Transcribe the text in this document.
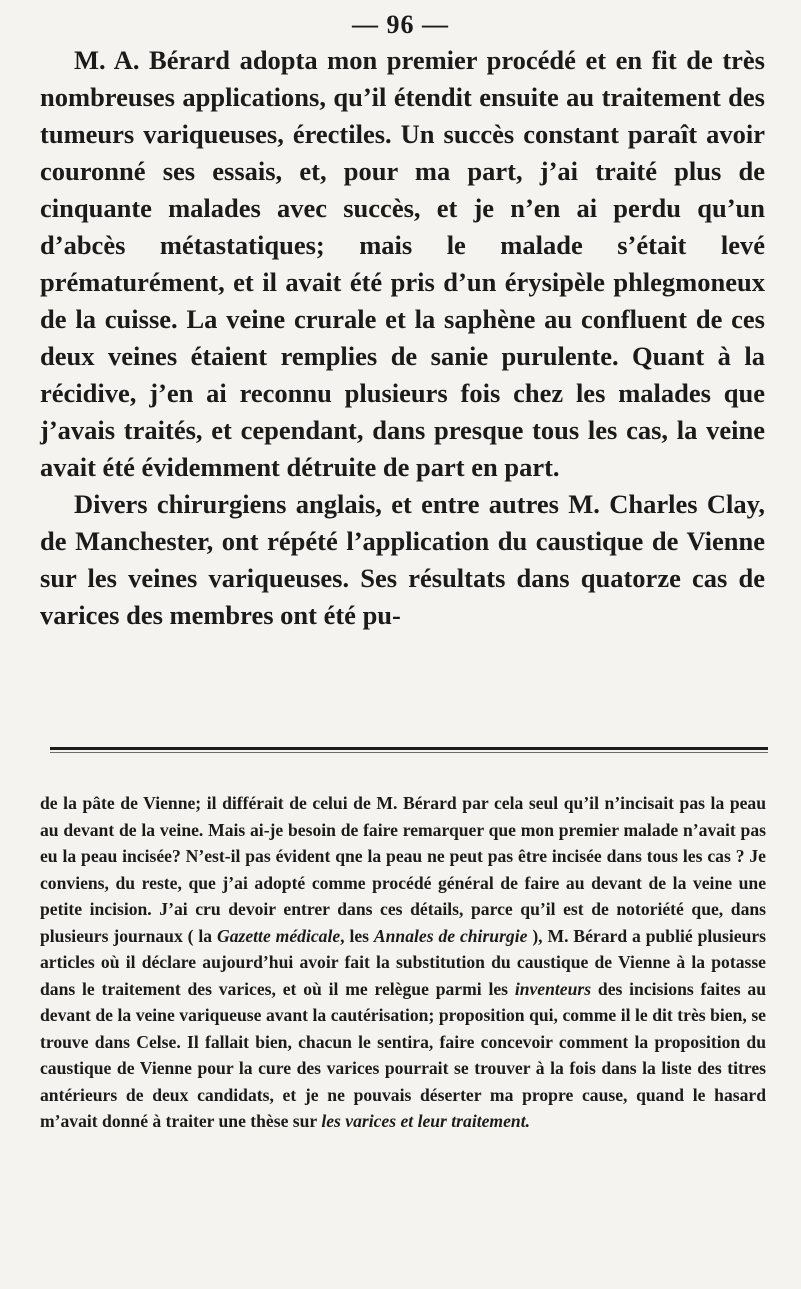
— 96 —

M. A. Bérard adopta mon premier procédé et en fit de très nombreuses applications, qu’il étendit ensuite au traitement des tumeurs variqueuses, érectiles. Un succès constant paraît avoir couronné ses essais, et, pour ma part, j’ai traité plus de cinquante malades avec succès, et je n’en ai perdu qu’un d’abcès métastatiques; mais le malade s’était levé prématurément, et il avait été pris d’un érysipèle phlegmoneux de la cuisse. La veine crurale et la saphène au confluent de ces deux veines étaient remplies de sanie purulente. Quant à la récidive, j’en ai reconnu plusieurs fois chez les malades que j’avais traités, et cependant, dans presque tous les cas, la veine avait été évidemment détruite de part en part.

Divers chirurgiens anglais, et entre autres M. Charles Clay, de Manchester, ont répété l’application du caustique de Vienne sur les veines variqueuses. Ses résultats dans quatorze cas de varices des membres ont été pu-

de la pâte de Vienne; il différait de celui de M. Bérard par cela seul qu’il n’incisait pas la peau au devant de la veine. Mais ai-je besoin de faire remarquer que mon premier malade n’avait pas eu la peau incisée? N’est-il pas évident qne la peau ne peut pas être incisée dans tous les cas ? Je conviens, du reste, que j’ai adopté comme procédé général de faire au devant de la veine une petite incision. J’ai cru devoir entrer dans ces détails, parce qu’il est de notoriété que, dans plusieurs journaux ( la Gazette médicale, les Annales de chirurgie ), M. Bérard a publié plusieurs articles où il déclare aujourd’hui avoir fait la substitution du caustique de Vienne à la potasse dans le traitement des varices, et où il me relègue parmi les inventeurs des incisions faites au devant de la veine variqueuse avant la cautérisation; proposition qui, comme il le dit très bien, se trouve dans Celse. Il fallait bien, chacun le sentira, faire concevoir comment la proposition du caustique de Vienne pour la cure des varices pourrait se trouver à la fois dans la liste des titres antérieurs de deux candidats, et je ne pouvais déserter ma propre cause, quand le hasard m’avait donné à traiter une thèse sur les varices et leur traitement.
